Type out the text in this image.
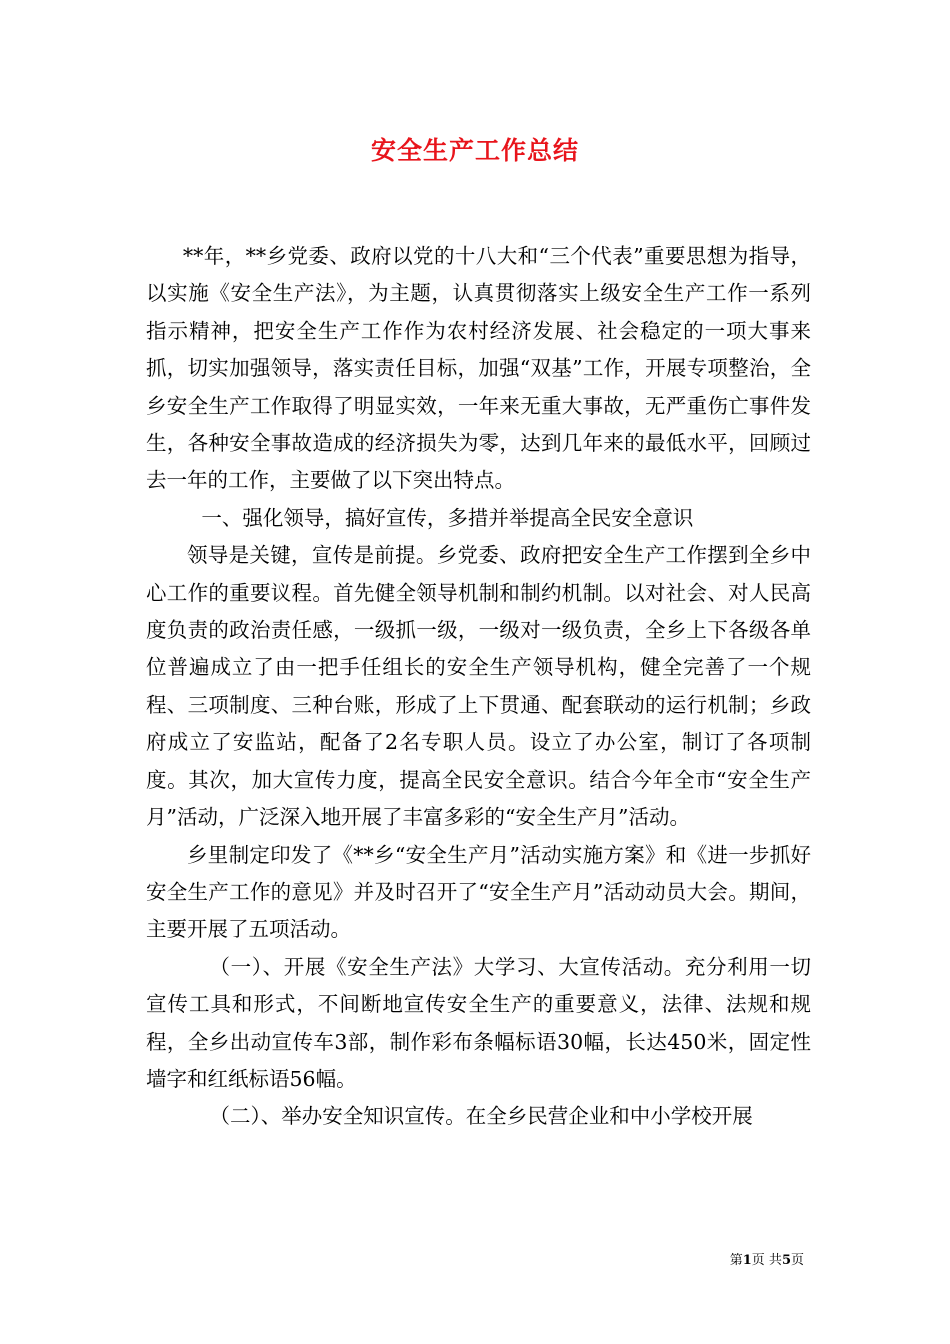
安全生产工作总结

**年，**乡党委、政府以党的十八大和“三个代表”重要思想为指导，以实施《安全生产法》，为主题，认真贯彻落实上级安全生产工作一系列指示精神，把安全生产工作作为农村经济发展、社会稳定的一项大事来抓，切实加强领导，落实责任目标，加强“双基”工作，开展专项整治，全乡安全生产工作取得了明显实效，一年来无重大事故，无严重伤亡事件发生，各种安全事故造成的经济损失为零，达到几年来的最低水平，回顾过去一年的工作，主要做了以下突出特点。

一、强化领导，搞好宣传，多措并举提高全民安全意识

领导是关键，宣传是前提。乡党委、政府把安全生产工作摆到全乡中心工作的重要议程。首先健全领导机制和制约机制。以对社会、对人民高度负责的政治责任感，一级抓一级，一级对一级负责，全乡上下各级各单位普遍成立了由一把手任组长的安全生产领导机构，健全完善了一个规程、三项制度、三种台账，形成了上下贯通、配套联动的运行机制；乡政府成立了安监站，配备了2名专职人员。设立了办公室，制订了各项制度。其次，加大宣传力度，提高全民安全意识。结合今年全市“安全生产月”活动，广泛深入地开展了丰富多彩的“安全生产月”活动。

乡里制定印发了《**乡“安全生产月”活动实施方案》和《进一步抓好安全生产工作的意见》并及时召开了“安全生产月”活动动员大会。期间，主要开展了五项活动。

（一）、开展《安全生产法》大学习、大宣传活动。充分利用一切宣传工具和形式，不间断地宣传安全生产的重要意义，法律、法规和规程，全乡出动宣传车3部，制作彩布条幅标语30幅，长达450米，固定性墙字和红纸标语56幅。

（二）、举办安全知识宣传。在全乡民营企业和中小学校开展

第1页 共5页
